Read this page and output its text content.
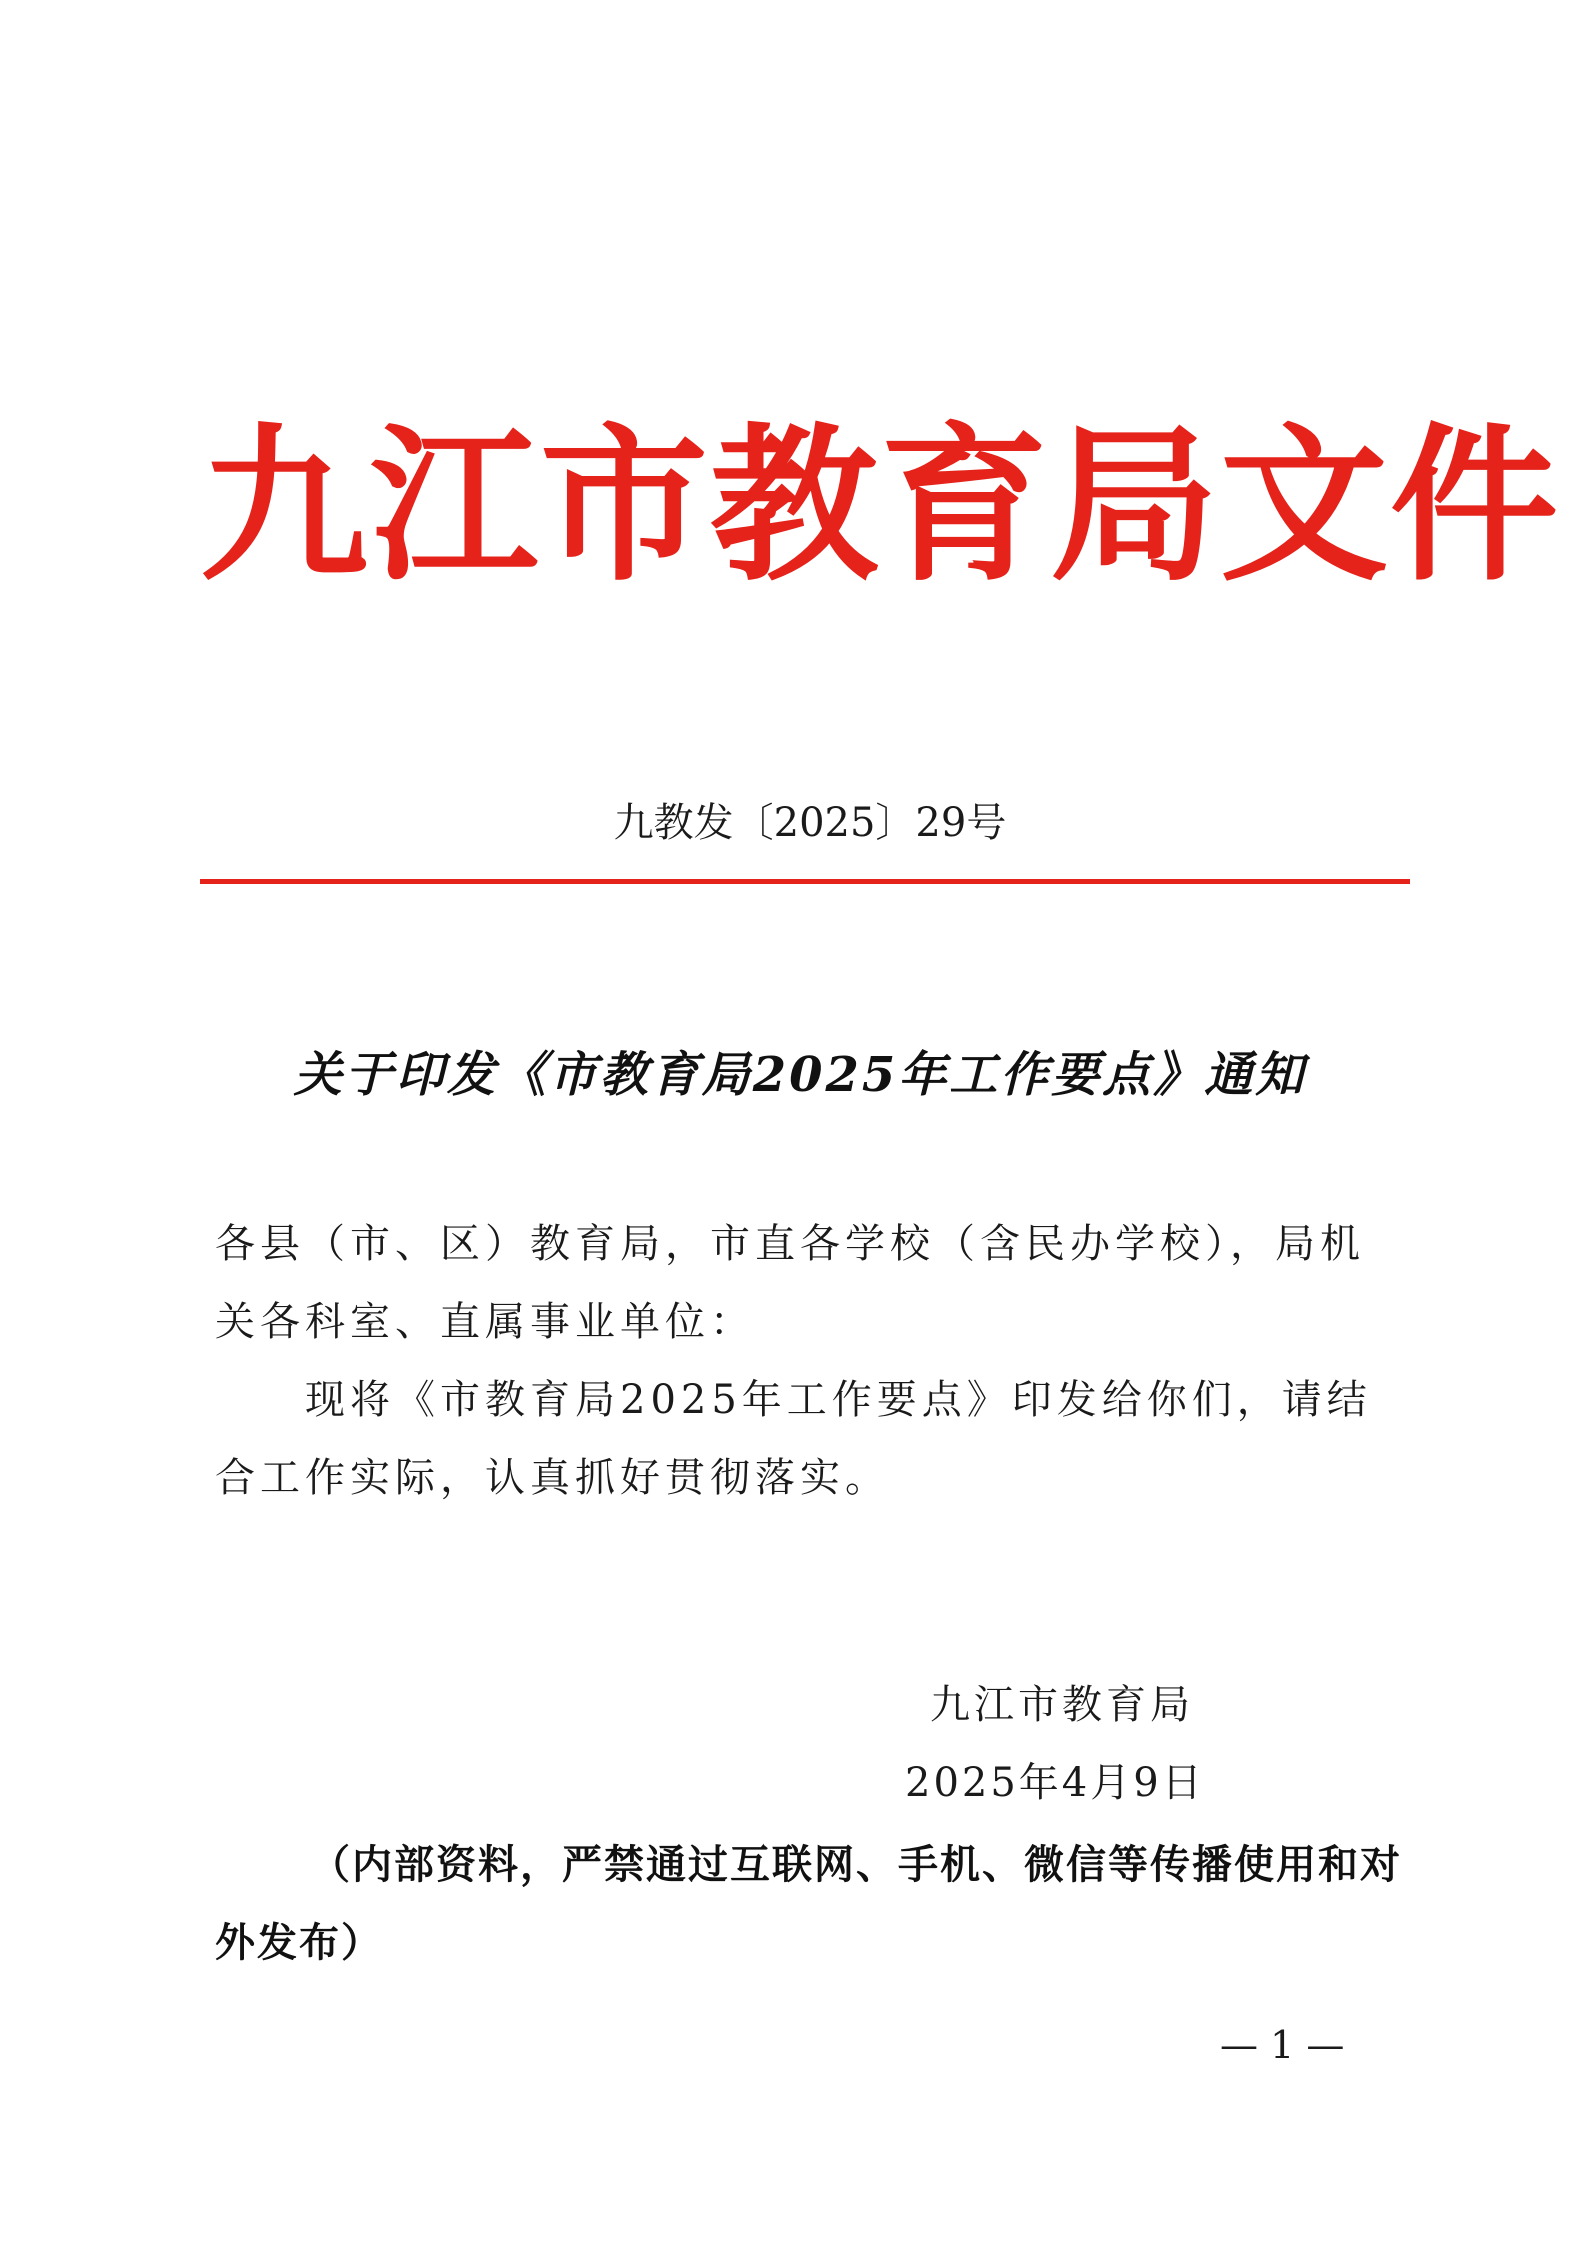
九江市教育局文件
九教发〔2025〕29号
关于印发《市教育局2025年工作要点》通知

各县（市、区）教育局，市直各学校（含民办学校），局机关各科室、直属事业单位：

现将《市教育局2025年工作要点》印发给你们，请结合工作实际，认真抓好贯彻落实。

九江市教育局
2025年4月9日
（内部资料，严禁通过互联网、手机、微信等传播使用和对外发布）
— 1 —
